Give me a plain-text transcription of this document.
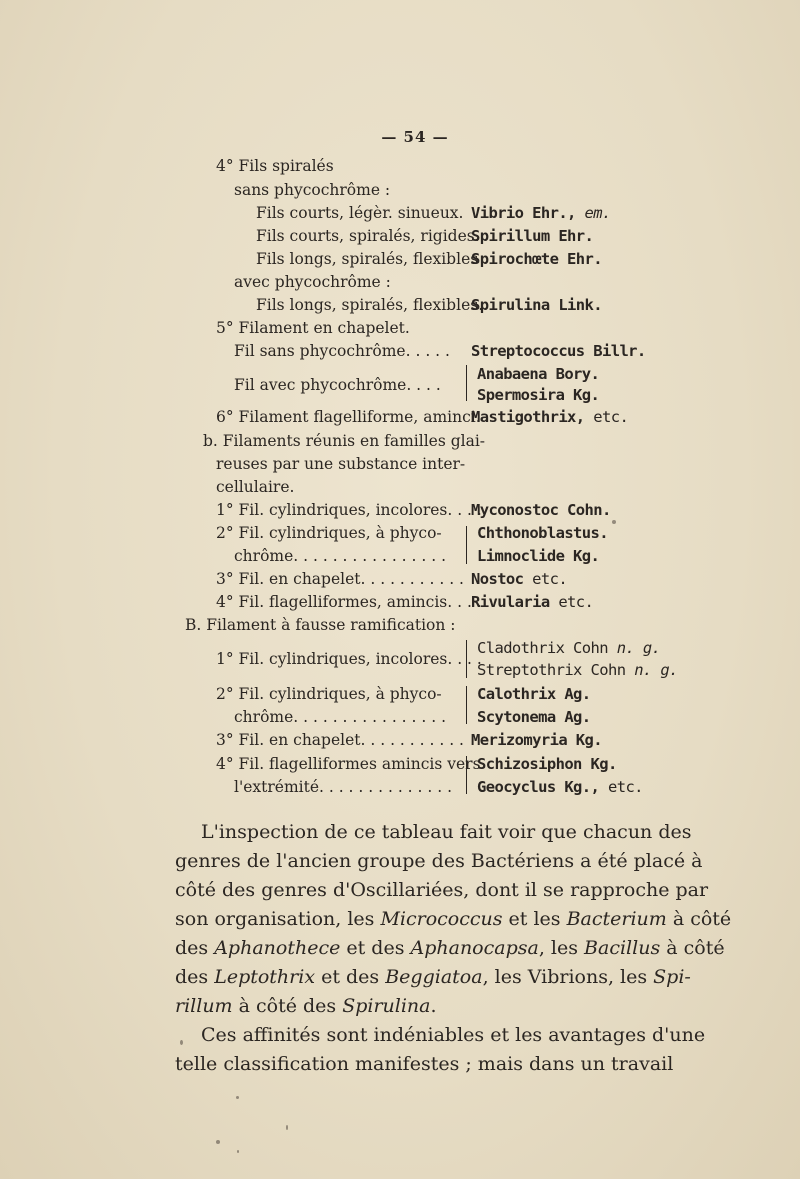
— 54 —
4° Fils spiralés
sans phycochrôme :
Fils courts, légèr. sinueux. Vibrio Ehr., em.
Fils courts, spiralés, rigides.
Spirillum Ehr.
Fils longs, spiralés, flexibles
Spirochœte Ehr.
avec phycochrôme :
Fils longs, spiralés, flexibles.
Spirulina Link.
5° Filament en chapelet.
Fil sans phycochrôme. . . . . Streptococcus Billr.
Fil avec phycochrôme. . . .
Anabaena Bory.
Spermosira Kg.
6° Filament flagelliforme, aminci.
Mastigothrix, etc.
b. Filaments réunis en familles glai-
reuses par une substance inter-
cellulaire.
1° Fil. cylindriques, incolores. . . .
Myconostoc Cohn.
2° Fil. cylindriques, à phyco-
chrôme. . . . . . . . . . . . . . . .
Chthonoblastus.
Limnoclide Kg.
3° Fil. en chapelet. . . . . . . . . . . Nostoc etc.
4° Fil. flagelliformes, amincis. . . .
Rivularia etc.
B. Filament à fausse ramification :
1° Fil. cylindriques, incolores. . . .
Cladothrix Cohn n. g.
Streptothrix Cohn n. g.
2° Fil. cylindriques, à phyco-
chrôme. . . . . . . . . . . . . . . .
Calothrix Ag.
Scytonema Ag.
3° Fil. en chapelet. . . . . . . . . . . Merizomyria Kg.
4° Fil. flagelliformes amincis vers
l'extrémité. . . . . . . . . . . . . .
Schizosiphon Kg.
Geocyclus Kg., etc.
L'inspection de ce tableau fait voir que chacun des
genres de l'ancien groupe des Bactériens a été placé à
côté des genres d'Oscillariées, dont il se rapproche par
son organisation, les Micrococcus et les Bacterium à côté
des Aphanothece et des Aphanocapsa, les Bacillus à côté
des Leptothrix et des Beggiatoa, les Vibrions, les Spi-
rillum à côté des Spirulina.
Ces affinités sont indéniables et les avantages d'une
telle classification manifestes ; mais dans un travail
